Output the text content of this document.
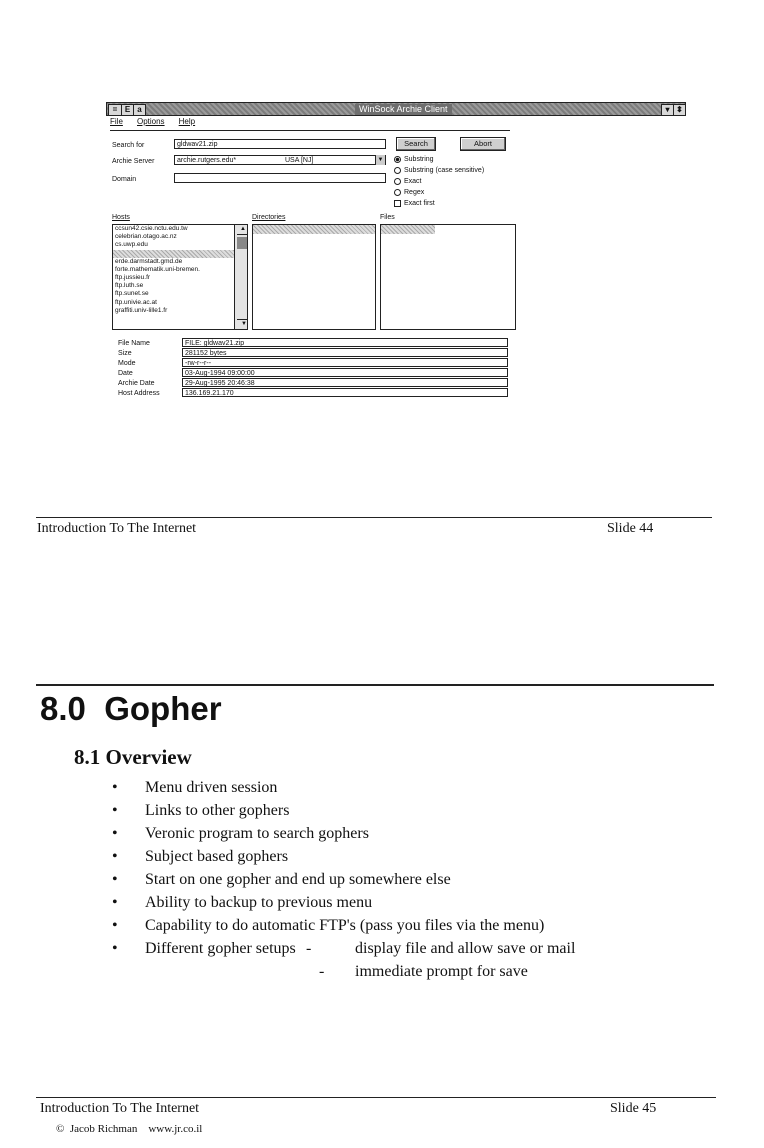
= E a	WinSock Archie Client	▾ ⬍
File Options Help
Search for	gldwav21.zip
Archie Server	archie.rutgers.edu*	USA [NJ]	▼
Domain
Search	Abort
Substring
Substring (case sensitive)
Exact
Regex
Exact first
Hosts	Directories	Files
ccsun42.csie.nctu.edu.tw
celebrian.otago.ac.nz
cs.uwp.edu
erde.darmstadt.gmd.de
forte.mathematik.uni-bremen.
ftp.jussieu.fr
ftp.luth.se
ftp.sunet.se
ftp.univie.ac.at
graffiti.univ-lille1.fr
▲
▼
File Name	FILE: gldwav21.zip
Size	281152 bytes
Mode	-rw-r--r--
Date	03-Aug-1994 09:00:00
Archie Date	29-Aug-1995 20:46:38
Host Address	136.169.21.170
Introduction To The Internet	Slide 44
8.0  Gopher
8.1 Overview
• Menu driven session
• Links to other gophers
• Veronic program to search gophers
• Subject based gophers
• Start on one gopher and end up somewhere else
• Ability to backup to previous menu
• Capability to do automatic FTP's (pass you files via the menu)
• Different gopher setups -	display file and allow save or mail
- immediate prompt for save
Introduction To The Internet	Slide 45
©  Jacob Richman    www.jr.co.il
